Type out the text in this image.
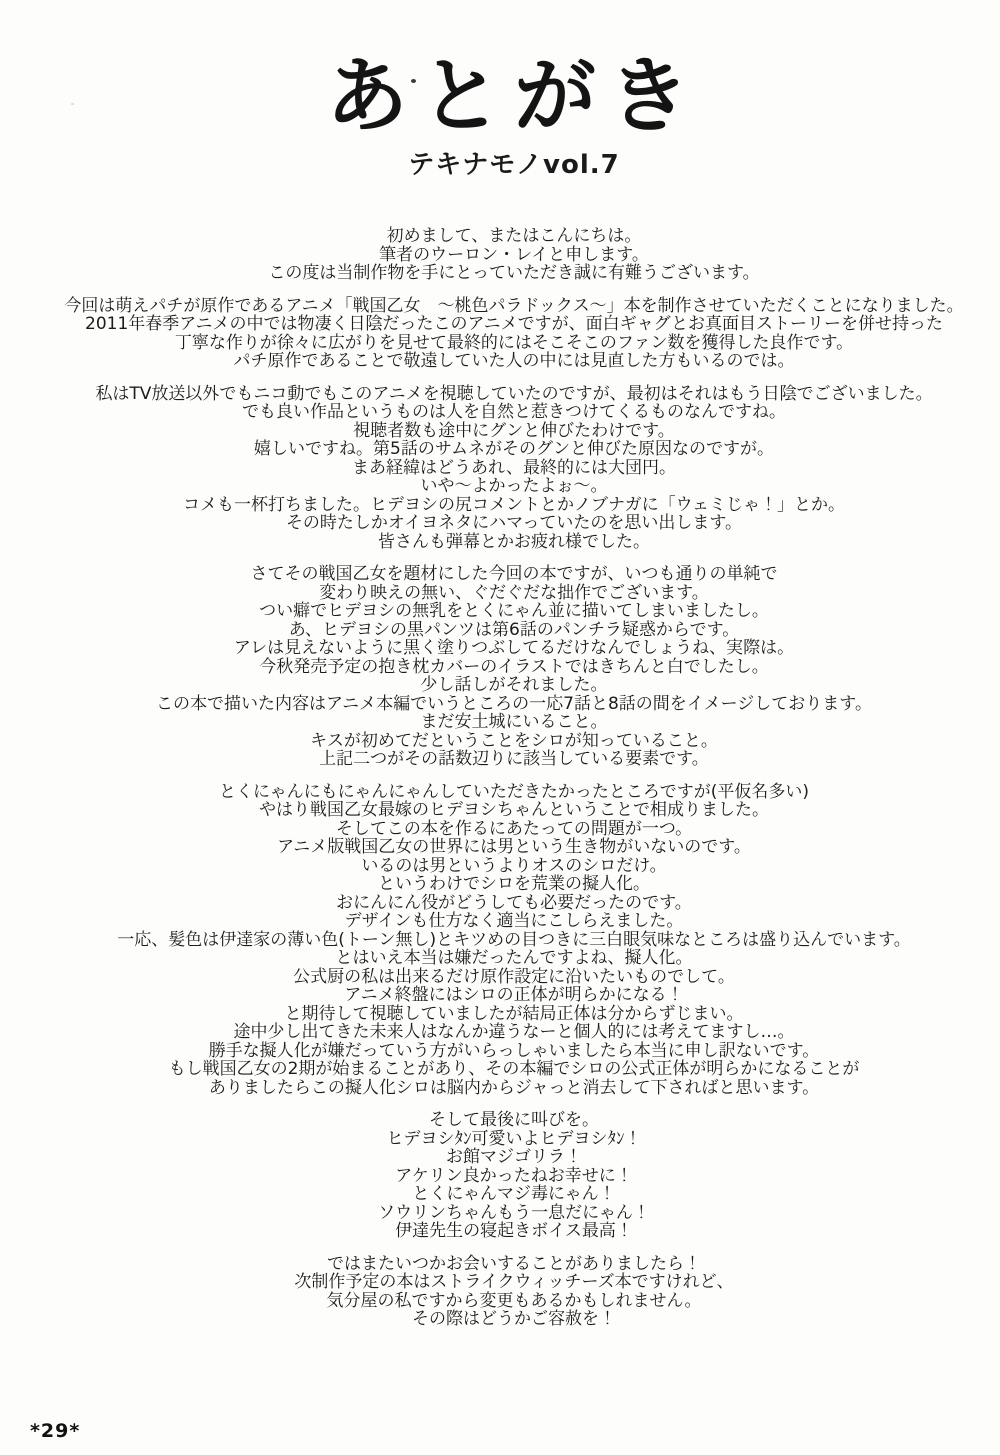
あとがき
テキナモノvol.7
初めまして、またはこんにちは。
筆者のウーロン・レイと申します。
この度は当制作物を手にとっていただき誠に有難うございます。
今回は萌えパチが原作であるアニメ「戦国乙女　～桃色パラドックス～」本を制作させていただくことになりました。
2011年春季アニメの中では物凄く日陰だったこのアニメですが、面白ギャグとお真面目ストーリーを併せ持った
丁寧な作りが徐々に広がりを見せて最終的にはそこそこのファン数を獲得した良作です。
パチ原作であることで敬遠していた人の中には見直した方もいるのでは。
私はTV放送以外でもニコ動でもこのアニメを視聴していたのですが、最初はそれはもう日陰でございました。
でも良い作品というものは人を自然と惹きつけてくるものなんですね。
視聴者数も途中にグンと伸びたわけです。
嬉しいですね。第5話のサムネがそのグンと伸びた原因なのですが。
まあ経緯はどうあれ、最終的には大団円。
いや～よかったよぉ～。
コメも一杯打ちました。ヒデヨシの尻コメントとかノブナガに「ウェミじゃ！」とか。
その時たしかオイヨネタにハマっていたのを思い出します。
皆さんも弾幕とかお疲れ様でした。
さてその戦国乙女を題材にした今回の本ですが、いつも通りの単純で
変わり映えの無い、ぐだぐだな拙作でございます。
つい癖でヒデヨシの無乳をとくにゃん並に描いてしまいましたし。
あ、ヒデヨシの黒パンツは第6話のパンチラ疑惑からです。
アレは見えないように黒く塗りつぶしてるだけなんでしょうね、実際は。
今秋発売予定の抱き枕カバーのイラストではきちんと白でしたし。
少し話しがそれました。
この本で描いた内容はアニメ本編でいうところの一応7話と8話の間をイメージしております。
まだ安土城にいること。
キスが初めてだということをシロが知っていること。
上記二つがその話数辺りに該当している要素です。
とくにゃんにもにゃんにゃんしていただきたかったところですが(平仮名多い)
やはり戦国乙女最嫁のヒデヨシちゃんということで相成りました。
そしてこの本を作るにあたっての問題が一つ。
アニメ版戦国乙女の世界には男という生き物がいないのです。
いるのは男というよりオスのシロだけ。
というわけでシロを荒業の擬人化。
おにんにん役がどうしても必要だったのです。
デザインも仕方なく適当にこしらえました。
一応、髪色は伊達家の薄い色(トーン無し)とキツめの目つきに三白眼気味なところは盛り込んでいます。
とはいえ本当は嫌だったんですよね、擬人化。
公式厨の私は出来るだけ原作設定に沿いたいものでして。
アニメ終盤にはシロの正体が明らかになる！
と期待して視聴していましたが結局正体は分からずじまい。
途中少し出てきた未来人はなんか違うなーと個人的には考えてますし…。
勝手な擬人化が嫌だっていう方がいらっしゃいましたら本当に申し訳ないです。
もし戦国乙女の2期が始まることがあり、その本編でシロの公式正体が明らかになることが
ありましたらこの擬人化シロは脳内からジャっと消去して下さればと思います。
そして最後に叫びを。
ヒデヨシﾀﾝ可愛いよヒデヨシﾀﾝ！
お館マジゴリラ！
アケリン良かったねお幸せに！
とくにゃんマジ毒にゃん！
ソウリンちゃんもう一息だにゃん！
伊達先生の寝起きボイス最高！
ではまたいつかお会いすることがありましたら！
次制作予定の本はストライクウィッチーズ本ですけれど、
気分屋の私ですから変更もあるかもしれません。
その際はどうかご容赦を！
*29*
